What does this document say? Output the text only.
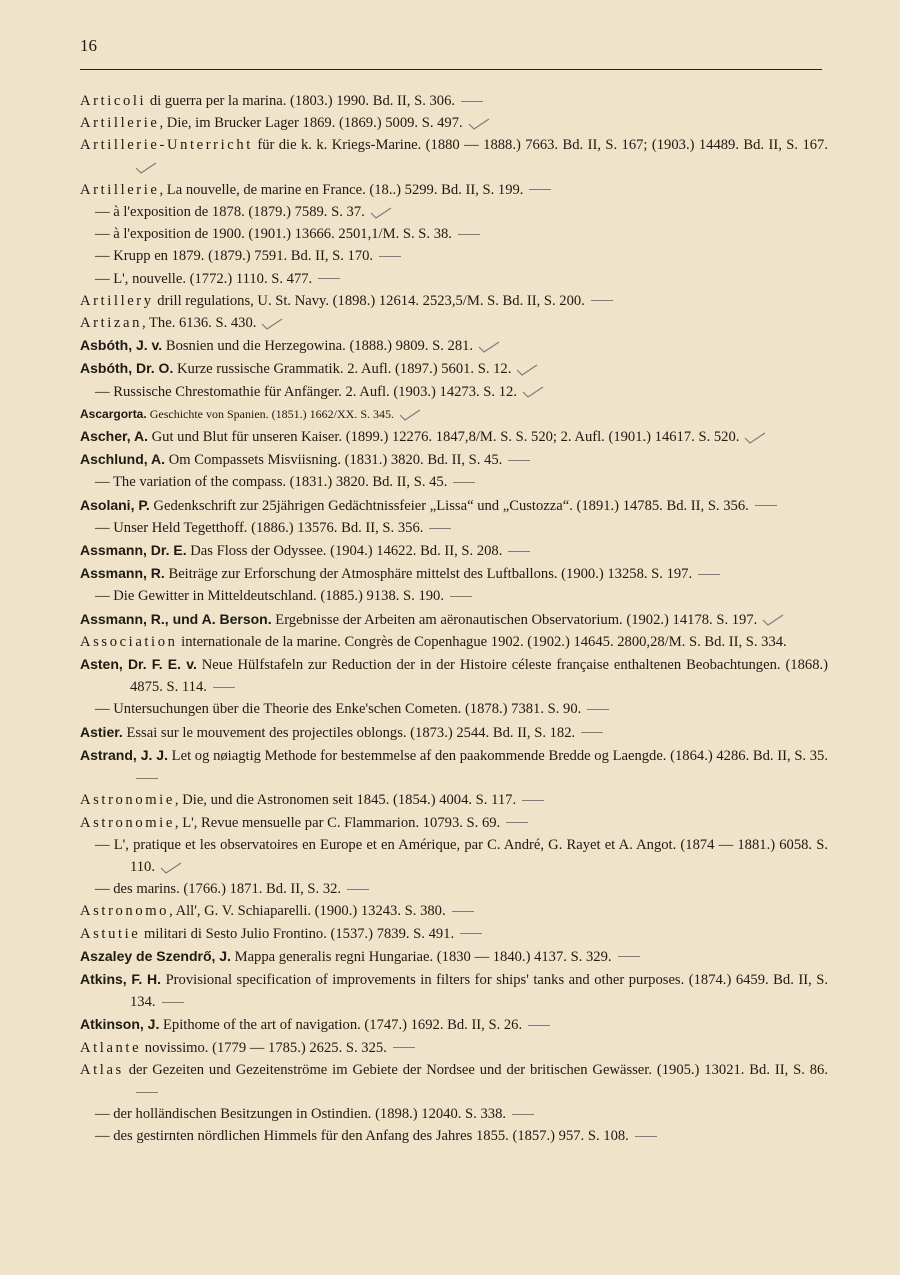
16
Articoli di guerra per la marina. (1803.) 1990. Bd. II, S. 306.
Artillerie, Die, im Brucker Lager 1869. (1869.) 5009. S. 497.
Artillerie-Unterricht für die k. k. Kriegs-Marine. (1880 — 1888.) 7663. Bd. II, S. 167; (1903.) 14489. Bd. II, S. 167.
Artillerie, La nouvelle, de marine en France. (18..) 5299. Bd. II, S. 199.
— à l'exposition de 1878. (1879.) 7589. S. 37.
— à l'exposition de 1900. (1901.) 13666. 2501,1/M. S. S. 38.
— Krupp en 1879. (1879.) 7591. Bd. II, S. 170.
— L', nouvelle. (1772.) 1110. S. 477.
Artillery drill regulations, U. St. Navy. (1898.) 12614. 2523,5/M. S. Bd. II, S. 200.
Artizan, The. 6136. S. 430.
Asbóth, J. v. Bosnien und die Herzegowina. (1888.) 9809. S. 281.
Asbóth, Dr. O. Kurze russische Grammatik. 2. Aufl. (1897.) 5601. S. 12.
— Russische Chrestomathie für Anfänger. 2. Aufl. (1903.) 14273. S. 12.
Ascargorta. Geschichte von Spanien. (1851.) 1662/XX. S. 345.
Ascher, A. Gut und Blut für unseren Kaiser. (1899.) 12276. 1847,8/M. S. S. 520; 2. Aufl. (1901.) 14617. S. 520.
Aschlund, A. Om Compassets Misviisning. (1831.) 3820. Bd. II, S. 45.
— The variation of the compass. (1831.) 3820. Bd. II, S. 45.
Asolani, P. Gedenkschrift zur 25jährigen Gedächtnissfeier „Lissa“ und „Custozza“. (1891.) 14785. Bd. II, S. 356.
— Unser Held Tegetthoff. (1886.) 13576. Bd. II, S. 356.
Assmann, Dr. E. Das Floss der Odyssee. (1904.) 14622. Bd. II, S. 208.
Assmann, R. Beiträge zur Erforschung der Atmosphäre mittelst des Luftballons. (1900.) 13258. S. 197.
— Die Gewitter in Mitteldeutschland. (1885.) 9138. S. 190.
Assmann, R., und A. Berson. Ergebnisse der Arbeiten am aëronautischen Observatorium. (1902.) 14178. S. 197.
Association internationale de la marine. Congrès de Copenhague 1902. (1902.) 14645. 2800,28/M. S. Bd. II, S. 334.
Asten, Dr. F. E. v. Neue Hülfstafeln zur Reduction der in der Histoire céleste française enthaltenen Beobachtungen. (1868.) 4875. S. 114.
— Untersuchungen über die Theorie des Enke'schen Cometen. (1878.) 7381. S. 90.
Astier. Essai sur le mouvement des projectiles oblongs. (1873.) 2544. Bd. II, S. 182.
Astrand, J. J. Let og nøiagtig Methode for bestemmelse af den paakommende Bredde og Laengde. (1864.) 4286. Bd. II, S. 35.
Astronomie, Die, und die Astronomen seit 1845. (1854.) 4004. S. 117.
Astronomie, L', Revue mensuelle par C. Flammarion. 10793. S. 69.
— L', pratique et les observatoires en Europe et en Amérique, par C. André, G. Rayet et A. Angot. (1874 — 1881.) 6058. S. 110.
— des marins. (1766.) 1871. Bd. II, S. 32.
Astronomo, All', G. V. Schiaparelli. (1900.) 13243. S. 380.
Astutie militari di Sesto Julio Frontino. (1537.) 7839. S. 491.
Aszaley de Szendrő, J. Mappa generalis regni Hungariae. (1830 — 1840.) 4137. S. 329.
Atkins, F. H. Provisional specification of improvements in filters for ships' tanks and other purposes. (1874.) 6459. Bd. II, S. 134.
Atkinson, J. Epithome of the art of navigation. (1747.) 1692. Bd. II, S. 26.
Atlante novissimo. (1779 — 1785.) 2625. S. 325.
Atlas der Gezeiten und Gezeitenströme im Gebiete der Nordsee und der britischen Gewässer. (1905.) 13021. Bd. II, S. 86.
— der holländischen Besitzungen in Ostindien. (1898.) 12040. S. 338.
— des gestirnten nördlichen Himmels für den Anfang des Jahres 1855. (1857.) 957. S. 108.
